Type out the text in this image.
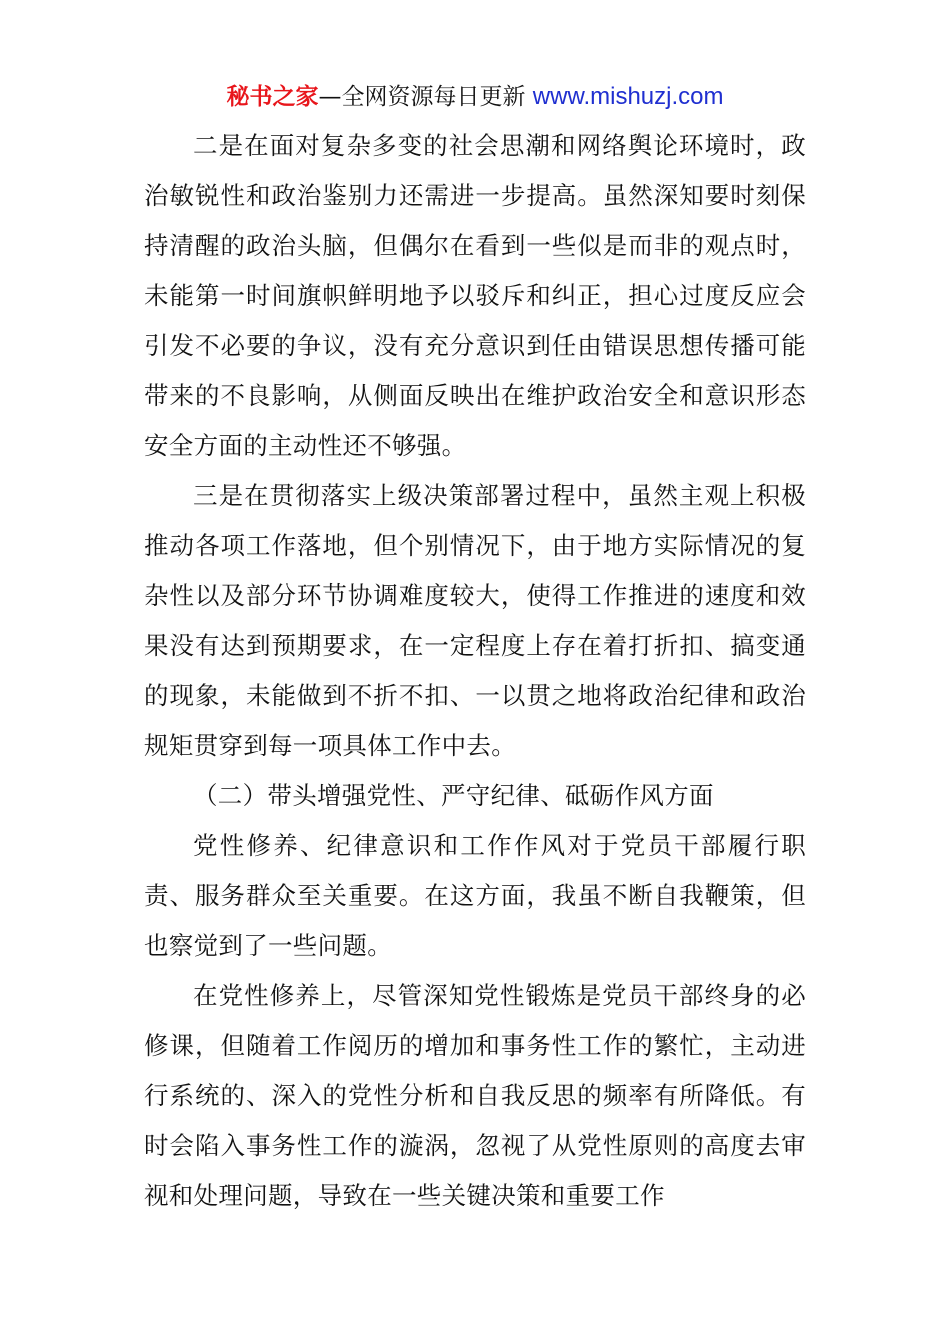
秘书之家—全网资源每日更新 www.mishuzj.com

二是在面对复杂多变的社会思潮和网络舆论环境时，政治敏锐性和政治鉴别力还需进一步提高。虽然深知要时刻保持清醒的政治头脑，但偶尔在看到一些似是而非的观点时，未能第一时间旗帜鲜明地予以驳斥和纠正，担心过度反应会引发不必要的争议，没有充分意识到任由错误思想传播可能带来的不良影响，从侧面反映出在维护政治安全和意识形态安全方面的主动性还不够强。

三是在贯彻落实上级决策部署过程中，虽然主观上积极推动各项工作落地，但个别情况下，由于地方实际情况的复杂性以及部分环节协调难度较大，使得工作推进的速度和效果没有达到预期要求，在一定程度上存在着打折扣、搞变通的现象，未能做到不折不扣、一以贯之地将政治纪律和政治规矩贯穿到每一项具体工作中去。

（二）带头增强党性、严守纪律、砥砺作风方面

党性修养、纪律意识和工作作风对于党员干部履行职责、服务群众至关重要。在这方面，我虽不断自我鞭策，但也察觉到了一些问题。

在党性修养上，尽管深知党性锻炼是党员干部终身的必修课，但随着工作阅历的增加和事务性工作的繁忙，主动进行系统的、深入的党性分析和自我反思的频率有所降低。有时会陷入事务性工作的漩涡，忽视了从党性原则的高度去审视和处理问题，导致在一些关键决策和重要工作
